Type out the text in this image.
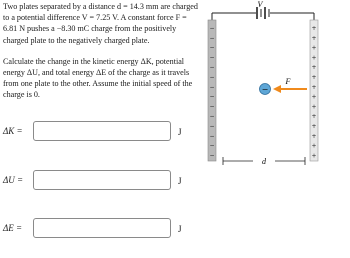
Two plates separated by a distance d = 14.3 mm are charged to a potential difference V = 7.25 V. A constant force F = 6.81 N pushes a −8.30 mC charge from the positively charged plate to the negatively charged plate.

Calculate the change in the kinetic energy ΔK, potential energy ΔU, and total energy ΔE of the charge as it travels from one plate to the other. Assume the initial speed of the charge is 0.

ΔK =	J
ΔU =	J
ΔE =	J
V
−
−
−
−
−
−
−
−
−
−
−
−
−
−
+
+
+
+
+
+
+
+
+
+
+
+
+
+
−
F
d
